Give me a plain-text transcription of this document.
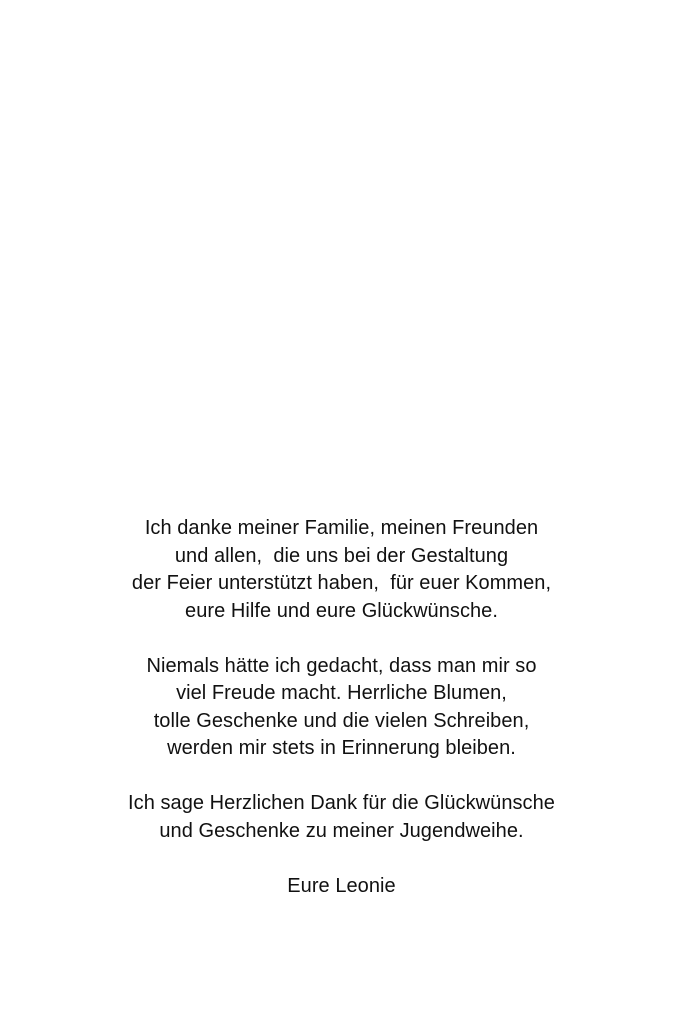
Ich danke meiner Familie, meinen Freunden
und allen,  die uns bei der Gestaltung
der Feier unterstützt haben,  für euer Kommen,
eure Hilfe und eure Glückwünsche.

Niemals hätte ich gedacht, dass man mir so
viel Freude macht. Herrliche Blumen,
tolle Geschenke und die vielen Schreiben,
werden mir stets in Erinnerung bleiben.

Ich sage Herzlichen Dank für die Glückwünsche
und Geschenke zu meiner Jugendweihe.

Eure Leonie
